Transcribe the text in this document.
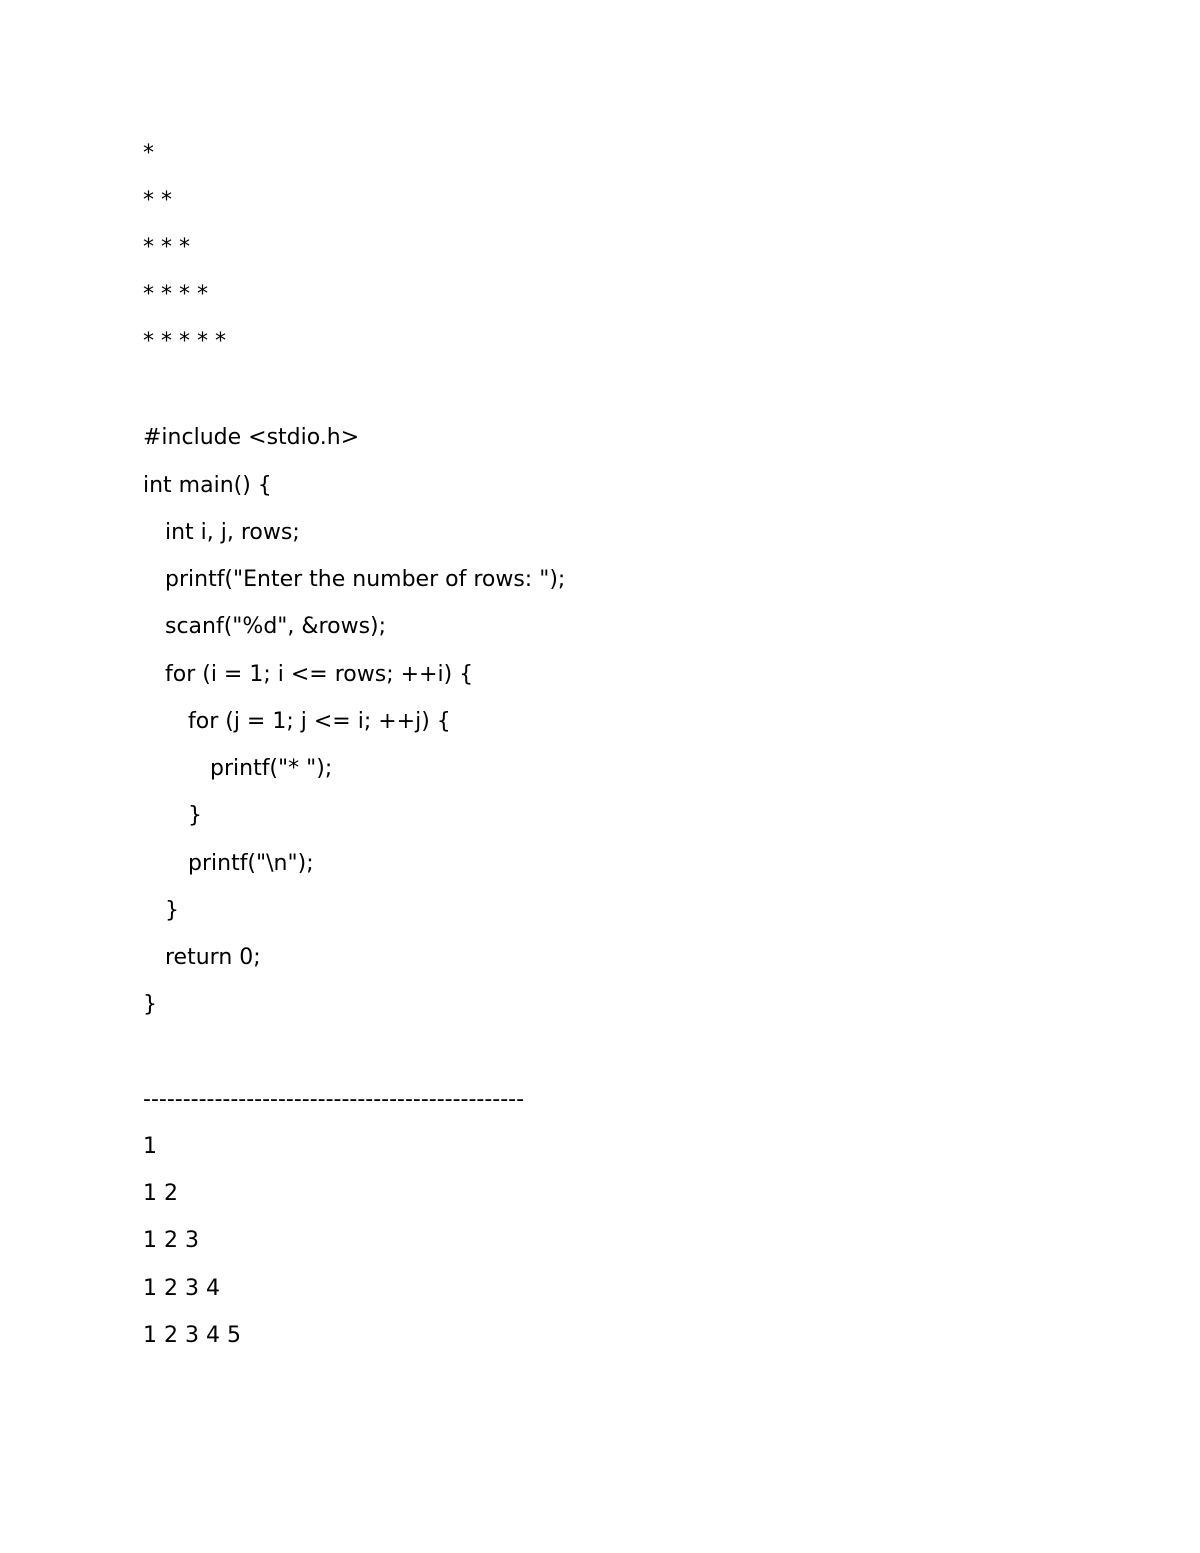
*
* *
* * *
* * * *
* * * * *
#include <stdio.h>
int main() {
int i, j, rows;
printf("Enter the number of rows: ");
scanf("%d", &rows);
for (i = 1; i <= rows; ++i) {
for (j = 1; j <= i; ++j) {
printf("* ");
}
printf("\n");
}
return 0;
}
------------------------------------------------
1
1 2
1 2 3
1 2 3 4
1 2 3 4 5
